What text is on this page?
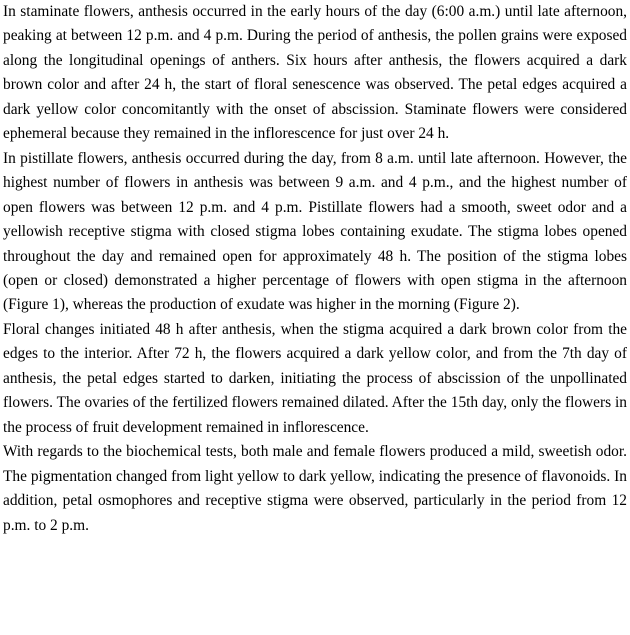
In staminate flowers, anthesis occurred in the early hours of the day (6:00 a.m.) until late afternoon, peaking at between 12 p.m. and 4 p.m. During the period of anthesis, the pollen grains were exposed along the longitudinal openings of anthers. Six hours after anthesis, the flowers acquired a dark brown color and after 24 h, the start of floral senescence was observed. The petal edges acquired a dark yellow color concomitantly with the onset of abscission. Staminate flowers were considered ephemeral because they remained in the inflorescence for just over 24 h.

In pistillate flowers, anthesis occurred during the day, from 8 a.m. until late afternoon. However, the highest number of flowers in anthesis was between 9 a.m. and 4 p.m., and the highest number of open flowers was between 12 p.m. and 4 p.m. Pistillate flowers had a smooth, sweet odor and a yellowish receptive stigma with closed stigma lobes containing exudate. The stigma lobes opened throughout the day and remained open for approximately 48 h. The position of the stigma lobes (open or closed) demonstrated a higher percentage of flowers with open stigma in the afternoon (Figure 1), whereas the production of exudate was higher in the morning (Figure 2).

Floral changes initiated 48 h after anthesis, when the stigma acquired a dark brown color from the edges to the interior. After 72 h, the flowers acquired a dark yellow color, and from the 7th day of anthesis, the petal edges started to darken, initiating the process of abscission of the unpollinated flowers. The ovaries of the fertilized flowers remained dilated. After the 15th day, only the flowers in the process of fruit development remained in inflorescence.

With regards to the biochemical tests, both male and female flowers produced a mild, sweetish odor. The pigmentation changed from light yellow to dark yellow, indicating the presence of flavonoids. In addition, petal osmophores and receptive stigma were observed, particularly in the period from 12 p.m. to 2 p.m.
